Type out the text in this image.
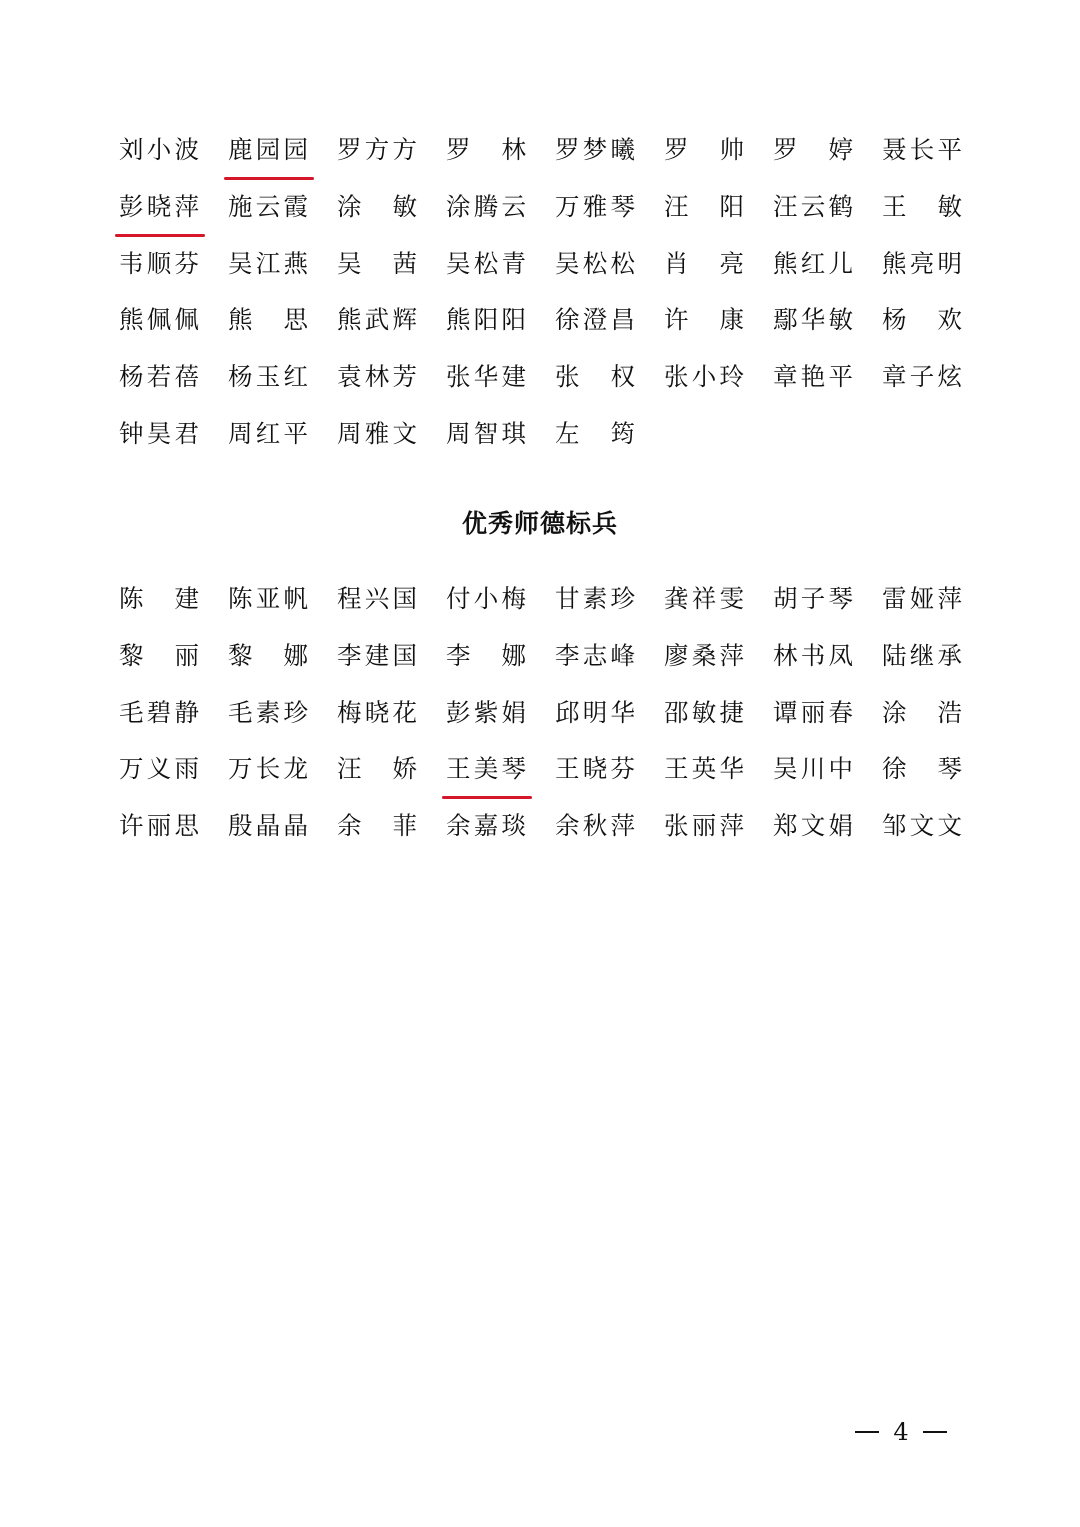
刘小波 鹿园园 罗方方 罗　林 罗梦曦 罗　帅 罗　婷 聂长平
彭晓萍 施云霞 涂　敏 涂腾云 万雅琴 汪　阳 汪云鹤 王　敏
韦顺芬 吴江燕 吴　茜 吴松青 吴松松 肖　亮 熊红儿 熊亮明
熊佩佩 熊　思 熊武辉 熊阳阳 徐澄昌 许　康 鄢华敏 杨　欢
杨若蓓 杨玉红 袁林芳 张华建 张　权 张小玲 章艳平 章子炫
钟昊君 周红平 周雅文 周智琪 左　筠
优秀师德标兵
陈　建 陈亚帆 程兴国 付小梅 甘素珍 龚祥雯 胡子琴 雷娅萍
黎　丽 黎　娜 李建国 李　娜 李志峰 廖桑萍 林书凤 陆继承
毛碧静 毛素珍 梅晓花 彭紫娟 邱明华 邵敏捷 谭丽春 涂　浩
万义雨 万长龙 汪　娇 王美琴 王晓芬 王英华 吴川中 徐　琴
许丽思 殷晶晶 余　菲 余嘉琰 余秋萍 张丽萍 郑文娟 邹文文
4
